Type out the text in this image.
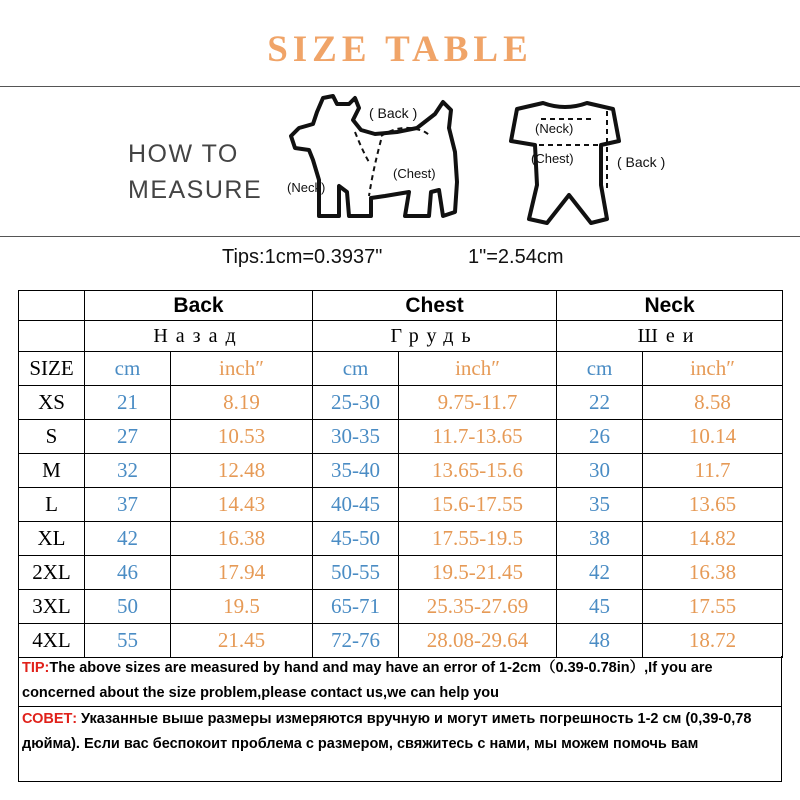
SIZE TABLE
HOW TO
MEASURE
( Back )
(Chest)
(Neck)
(Neck)
(Chest)	( Back )
Tips:1cm=0.3937"	1"=2.54cm
	Back		Chest		Neck	
	Назад		Грудь		Шеи	
SIZE	cm	inch″	cm	inch″	cm	inch″
XS	21	8.19	25-30	9.75-11.7	22	8.58
S	27	10.53	30-35	11.7-13.65	26	10.14
M	32	12.48	35-40	13.65-15.6	30	11.7
L	37	14.43	40-45	15.6-17.55	35	13.65
XL	42	16.38	45-50	17.55-19.5	38	14.82
2XL	46	17.94	50-55	19.5-21.45	42	16.38
3XL	50	19.5	65-71	25.35-27.69	45	17.55
4XL	55	21.45	72-76	28.08-29.64	48	18.72
TIP:The above sizes are measured by hand and may have an error of 1-2cm（0.39-0.78in）,If you are concerned about the size problem,please contact us,we can help you
СОВЕТ: Указанные выше размеры измеряются вручную и могут иметь погрешность 1-2 см (0,39-0,78 дюйма). Если вас беспокоит проблема с размером, свяжитесь с нами, мы можем помочь вам
